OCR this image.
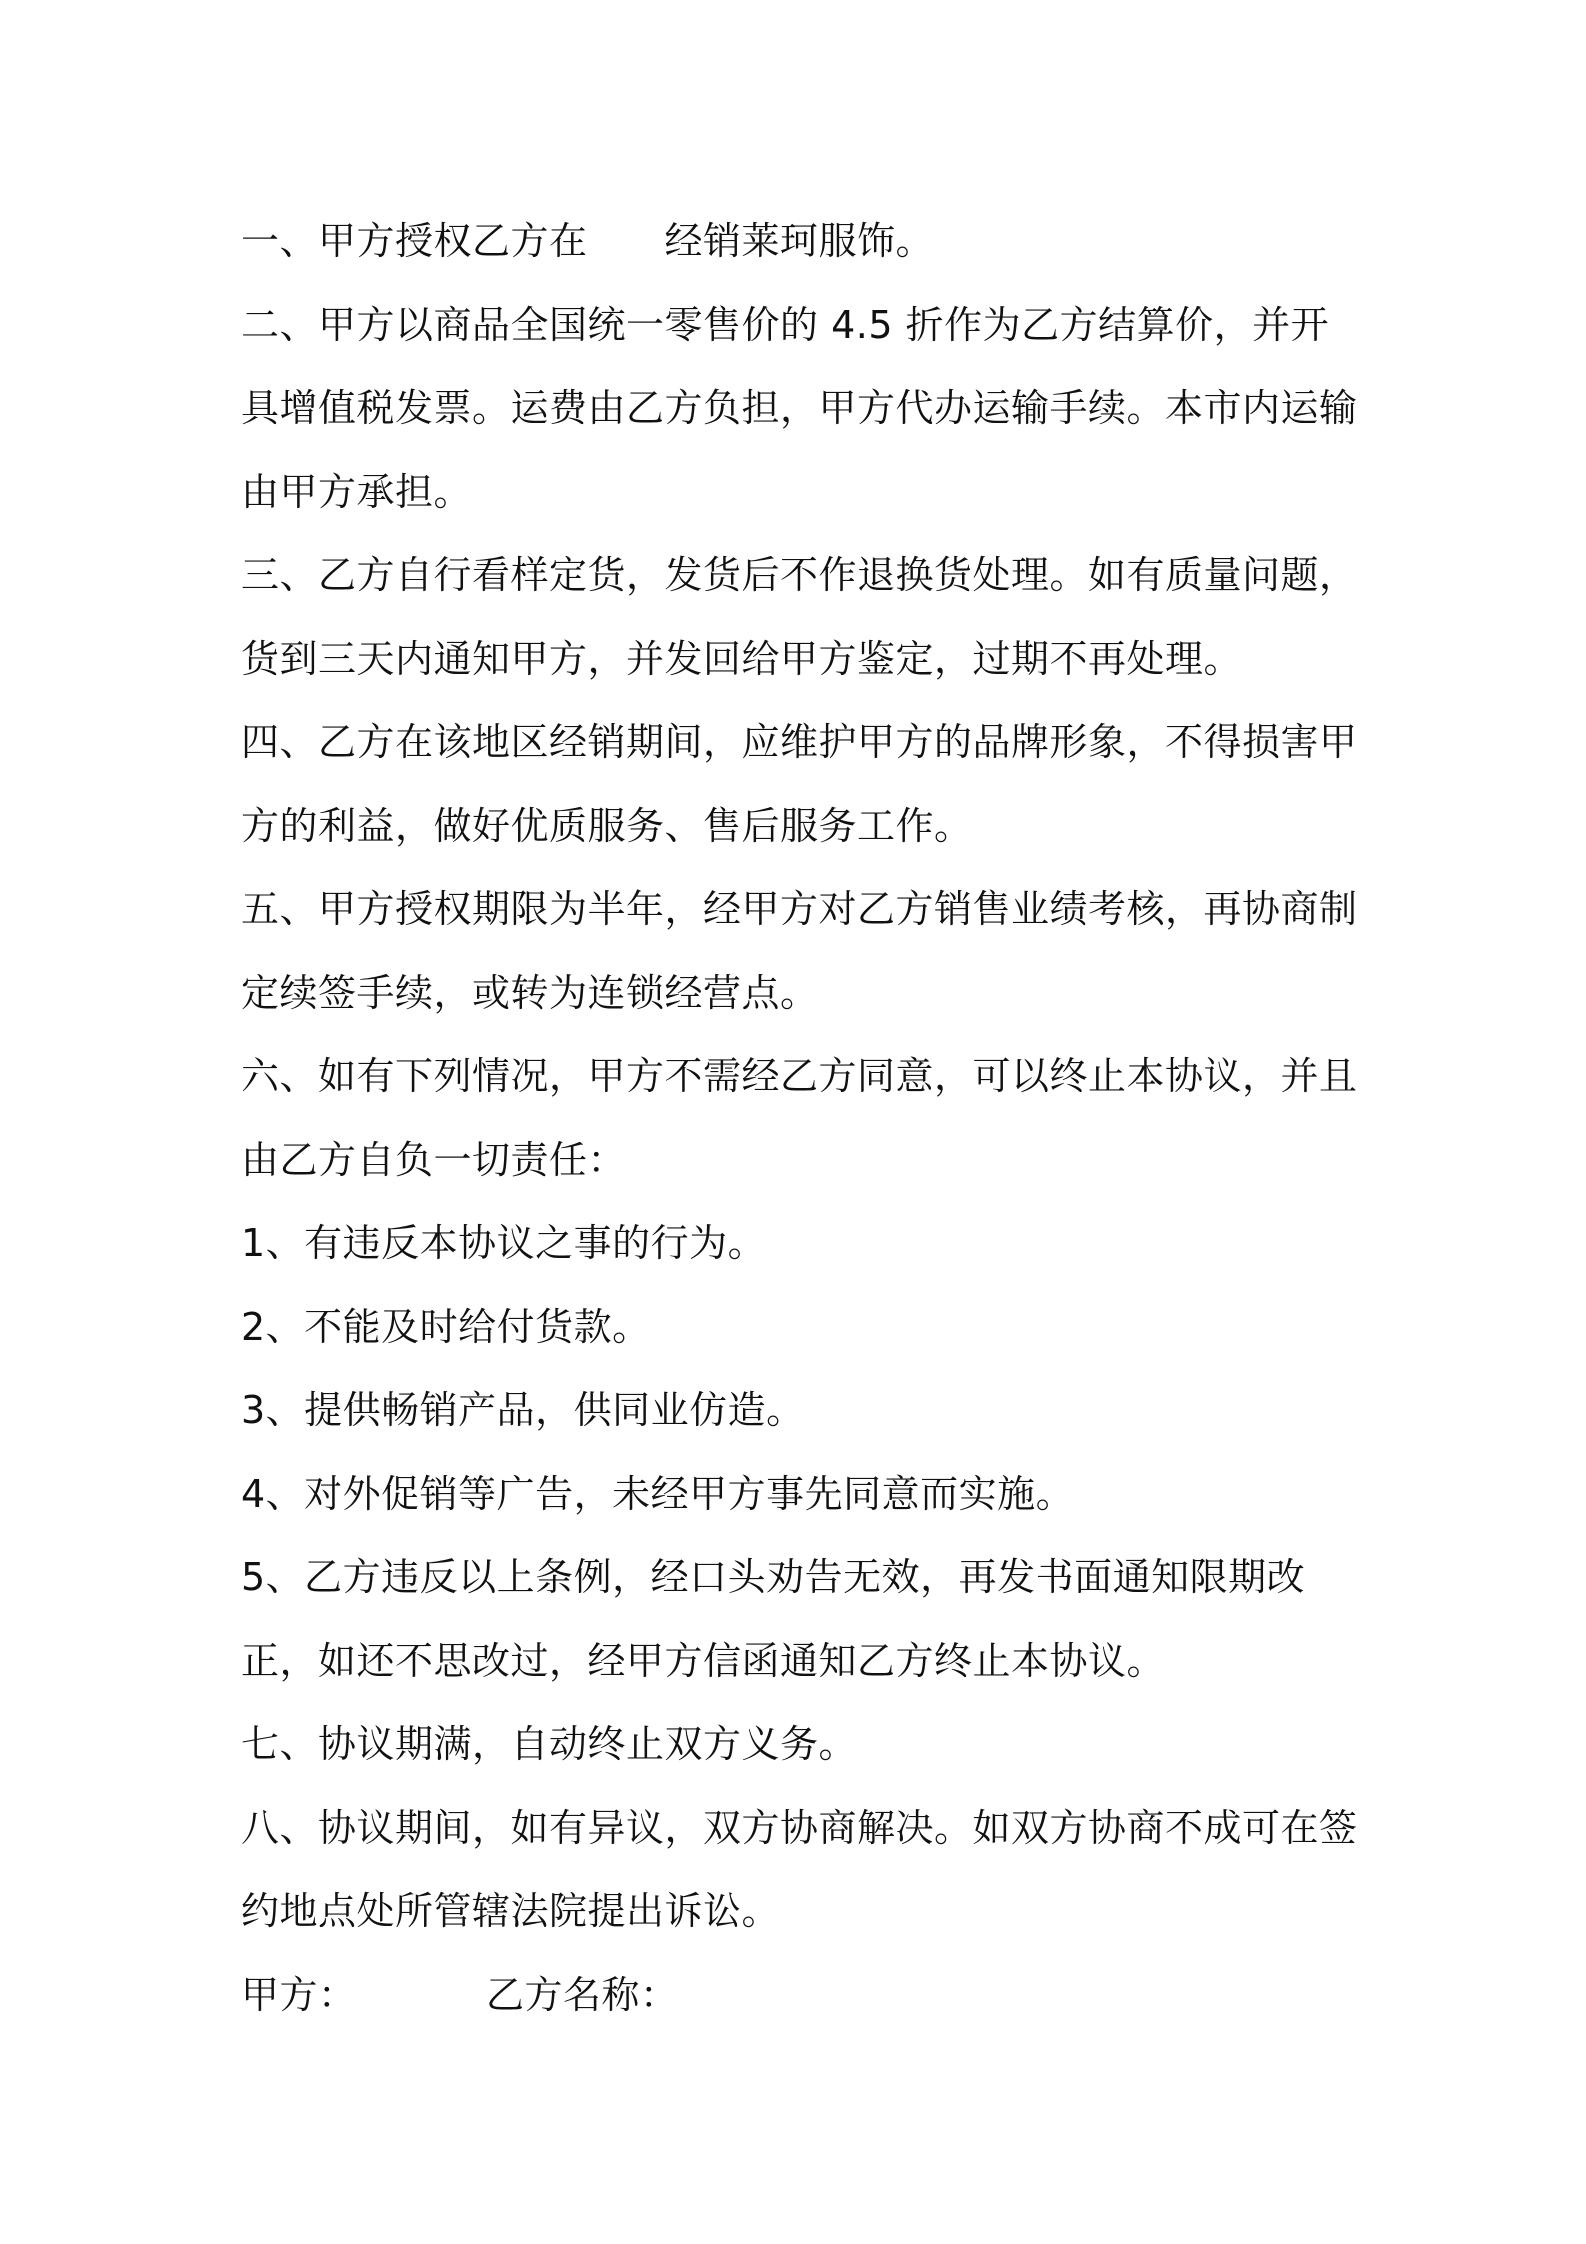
一、甲方授权乙方在　　经销莱珂服饰。

二、甲方以商品全国统一零售价的 4.5 折作为乙方结算价，并开具增值税发票。运费由乙方负担，甲方代办运输手续。本市内运输由甲方承担。

三、乙方自行看样定货，发货后不作退换货处理。如有质量问题，货到三天内通知甲方，并发回给甲方鉴定，过期不再处理。

四、乙方在该地区经销期间，应维护甲方的品牌形象，不得损害甲方的利益，做好优质服务、售后服务工作。

五、甲方授权期限为半年，经甲方对乙方销售业绩考核，再协商制定续签手续，或转为连锁经营点。

六、如有下列情况，甲方不需经乙方同意，可以终止本协议，并且由乙方自负一切责任：

1、有违反本协议之事的行为。

2、不能及时给付货款。

3、提供畅销产品，供同业仿造。

4、对外促销等广告，未经甲方事先同意而实施。

5、乙方违反以上条例，经口头劝告无效，再发书面通知限期改正，如还不思改过，经甲方信函通知乙方终止本协议。

七、协议期满，自动终止双方义务。

八、协议期间，如有异议，双方协商解决。如双方协商不成可在签约地点处所管辖法院提出诉讼。

甲方：	乙方名称：
